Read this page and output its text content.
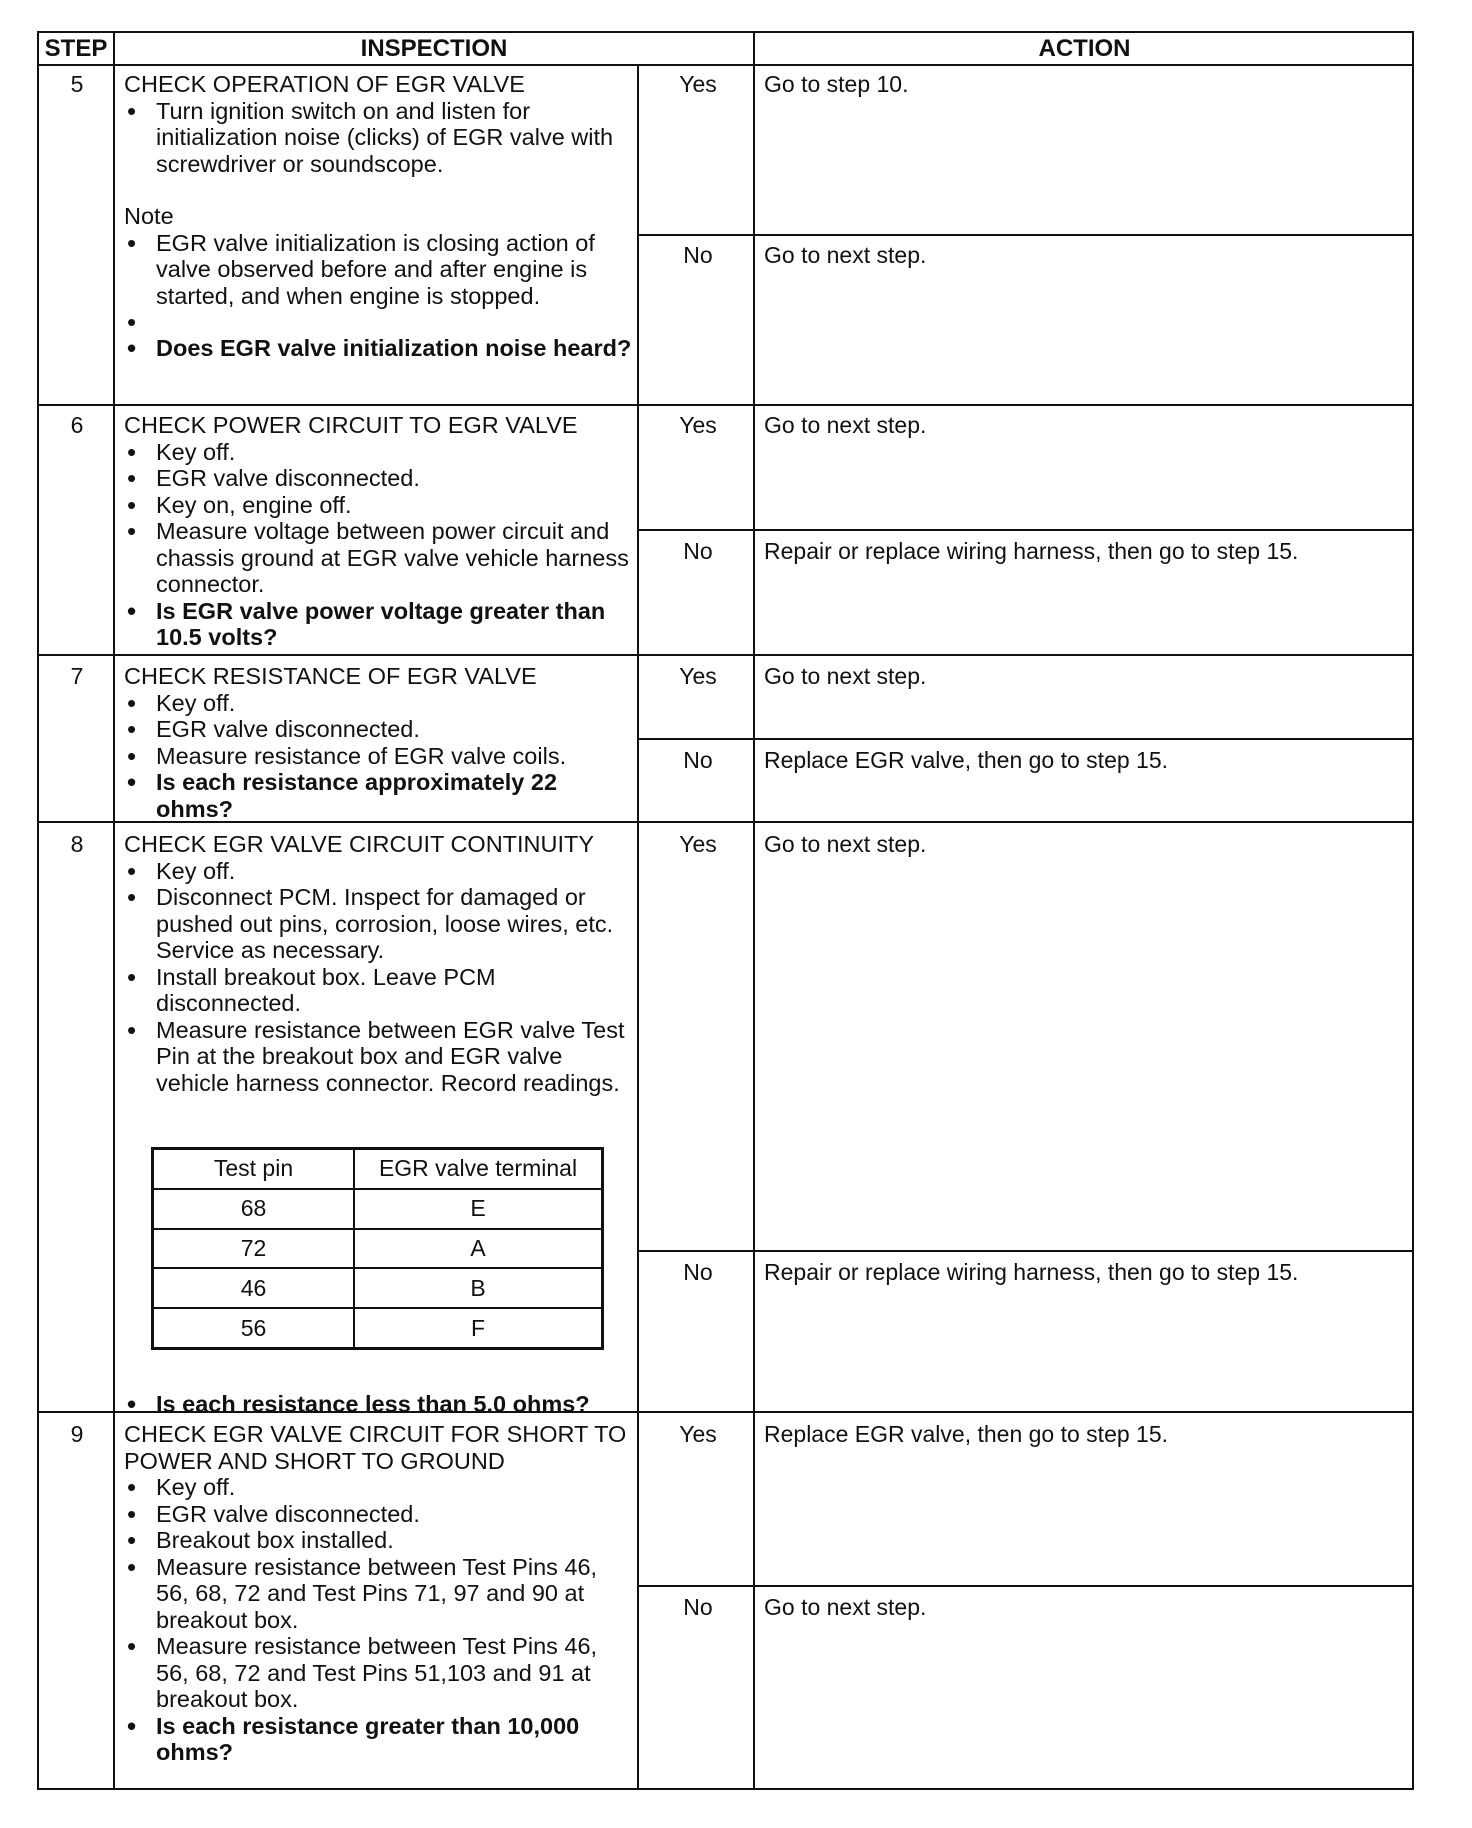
STEP	INSPECTION	ACTION
5	CHECK OPERATION OF EGR VALVE
• Turn ignition switch on and listen for initialization noise (clicks) of EGR valve with screwdriver or soundscope.
Note
• EGR valve initialization is closing action of valve observed before and after engine is started, and when engine is stopped.
•
• Does EGR valve initialization noise heard?
Yes	Go to step 10.
No	Go to next step.
6	CHECK POWER CIRCUIT TO EGR VALVE
• Key off.
• EGR valve disconnected.
• Key on, engine off.
• Measure voltage between power circuit and chassis ground at EGR valve vehicle harness connector.
• Is EGR valve power voltage greater than 10.5 volts?
Yes	Go to next step.
No	Repair or replace wiring harness, then go to step 15.
7	CHECK RESISTANCE OF EGR VALVE
• Key off.
• EGR valve disconnected.
• Measure resistance of EGR valve coils.
• Is each resistance approximately 22 ohms?
Yes	Go to next step.
No	Replace EGR valve, then go to step 15.
8	CHECK EGR VALVE CIRCUIT CONTINUITY
• Key off.
• Disconnect PCM. Inspect for damaged or pushed out pins, corrosion, loose wires, etc. Service as necessary.
• Install breakout box. Leave PCM disconnected.
• Measure resistance between EGR valve Test Pin at the breakout box and EGR valve vehicle harness connector. Record readings.
Test pin	EGR valve terminal
68	E
72	A
46	B
56	F
• Is each resistance less than 5.0 ohms?
Yes	Go to next step.
No	Repair or replace wiring harness, then go to step 15.
9	CHECK EGR VALVE CIRCUIT FOR SHORT TO POWER AND SHORT TO GROUND
• Key off.
• EGR valve disconnected.
• Breakout box installed.
• Measure resistance between Test Pins 46, 56, 68, 72 and Test Pins 71, 97 and 90 at breakout box.
• Measure resistance between Test Pins 46, 56, 68, 72 and Test Pins 51,103 and 91 at breakout box.
• Is each resistance greater than 10,000 ohms?
Yes	Replace EGR valve, then go to step 15.
No	Go to next step.
